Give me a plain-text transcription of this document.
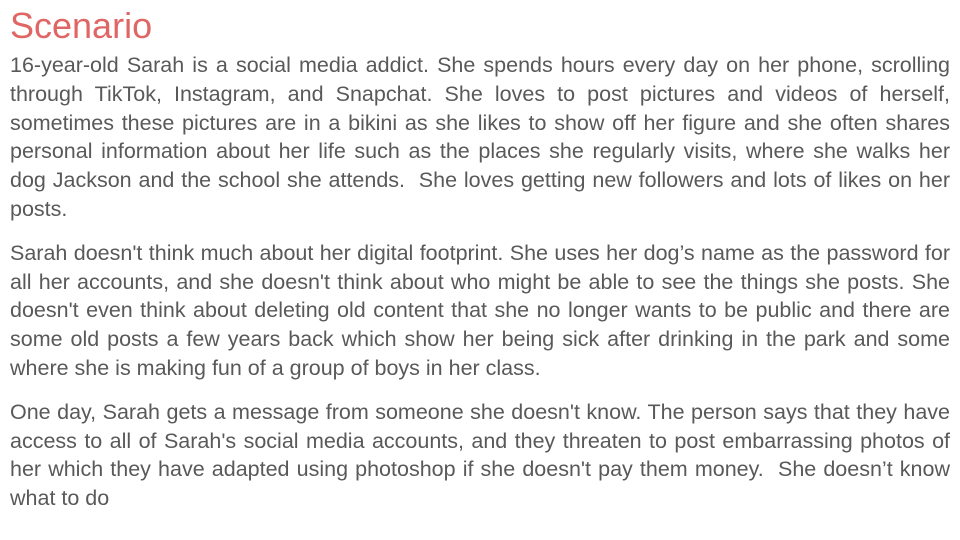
Scenario

16-year-old Sarah is a social media addict. She spends hours every day on her phone, scrolling through TikTok, Instagram, and Snapchat. She loves to post pictures and videos of herself, sometimes these pictures are in a bikini as she likes to show off her figure and she often shares personal information about her life such as the places she regularly visits, where she walks her dog Jackson and the school she attends.  She loves getting new followers and lots of likes on her posts.

Sarah doesn't think much about her digital footprint. She uses her dog’s name as the password for all her accounts, and she doesn't think about who might be able to see the things she posts. She doesn't even think about deleting old content that she no longer wants to be public and there are some old posts a few years back which show her being sick after drinking in the park and some where she is making fun of a group of boys in her class.

One day, Sarah gets a message from someone she doesn't know. The person says that they have access to all of Sarah's social media accounts, and they threaten to post embarrassing photos of her which they have adapted using photoshop if she doesn't pay them money.  She doesn’t know what to do
